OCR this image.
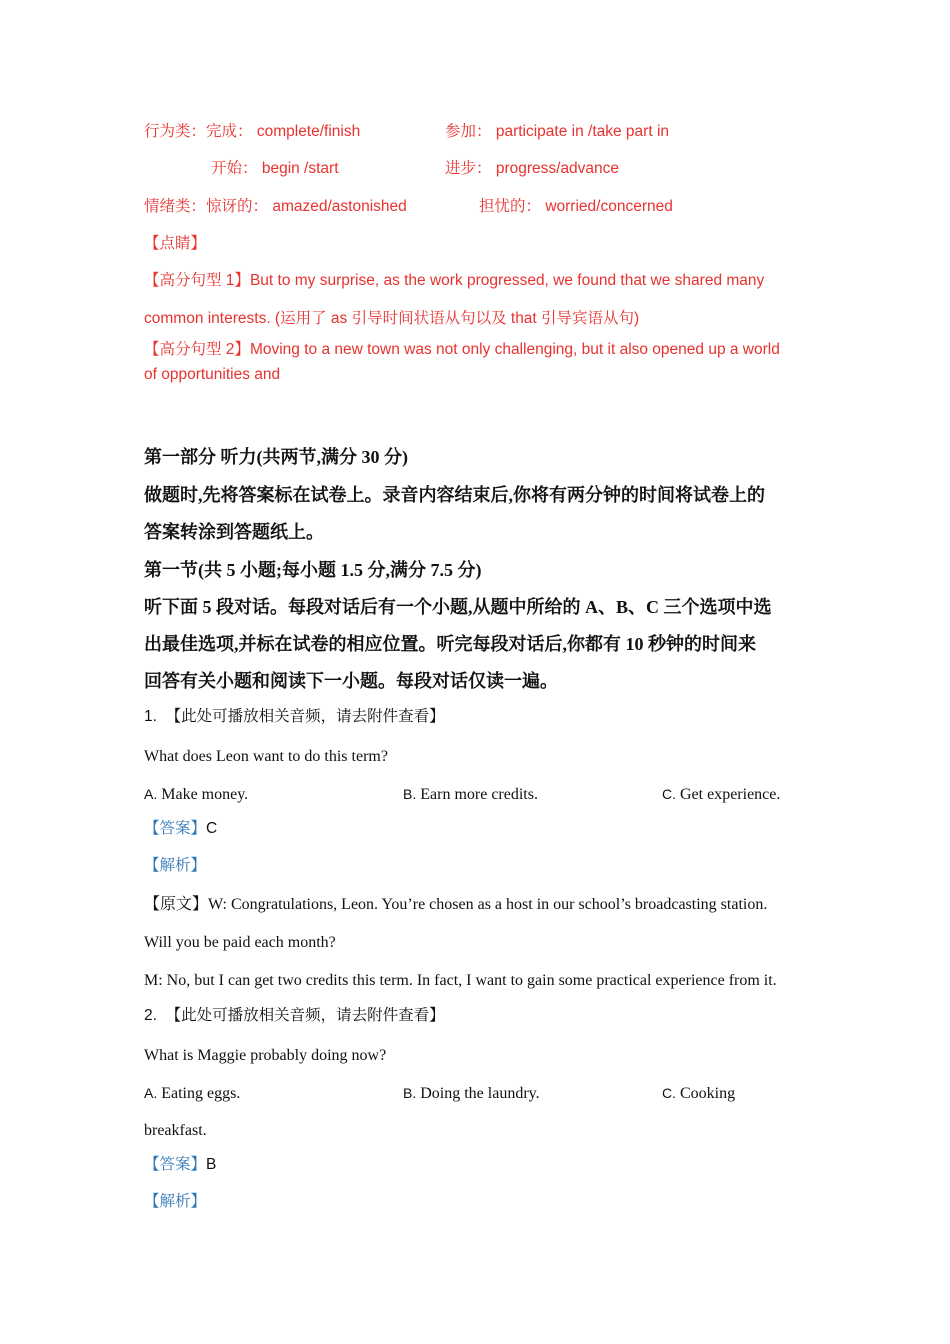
行为类：完成： complete/finish	参加： participate in /take part in
开始： begin /start	进步： progress/advance
情绪类：惊讶的： amazed/astonished	担忧的： worried/concerned
【点睛】
【高分句型 1】But to my surprise, as the work progressed, we found that we shared many
common interests. (运用了 as 引导时间状语从句以及 that 引导宾语从句)
【高分句型 2】Moving to a new town was not only challenging, but it also opened up a world
of opportunities and
第一部分 听力(共两节,满分 30 分)
做题时,先将答案标在试卷上。录音内容结束后,你将有两分钟的时间将试卷上的
答案转涂到答题纸上。
第一节(共 5 小题;每小题 1.5 分,满分 7.5 分)
听下面 5 段对话。每段对话后有一个小题,从题中所给的 A、B、C 三个选项中选
出最佳选项,并标在试卷的相应位置。听完每段对话后,你都有 10 秒钟的时间来
回答有关小题和阅读下一小题。每段对话仅读一遍。
1. 【此处可播放相关音频，请去附件查看】
What does Leon want to do this term?
A. Make money.	B. Earn more credits.	C. Get experience.
【答案】C
【解析】
【原文】W: Congratulations, Leon. You’re chosen as a host in our school’s broadcasting station.
Will you be paid each month?
M: No, but I can get two credits this term. In fact, I want to gain some practical experience from it.
2. 【此处可播放相关音频，请去附件查看】
What is Maggie probably doing now?
A. Eating eggs.	B. Doing the laundry.	C. Cooking
breakfast.
【答案】B
【解析】
